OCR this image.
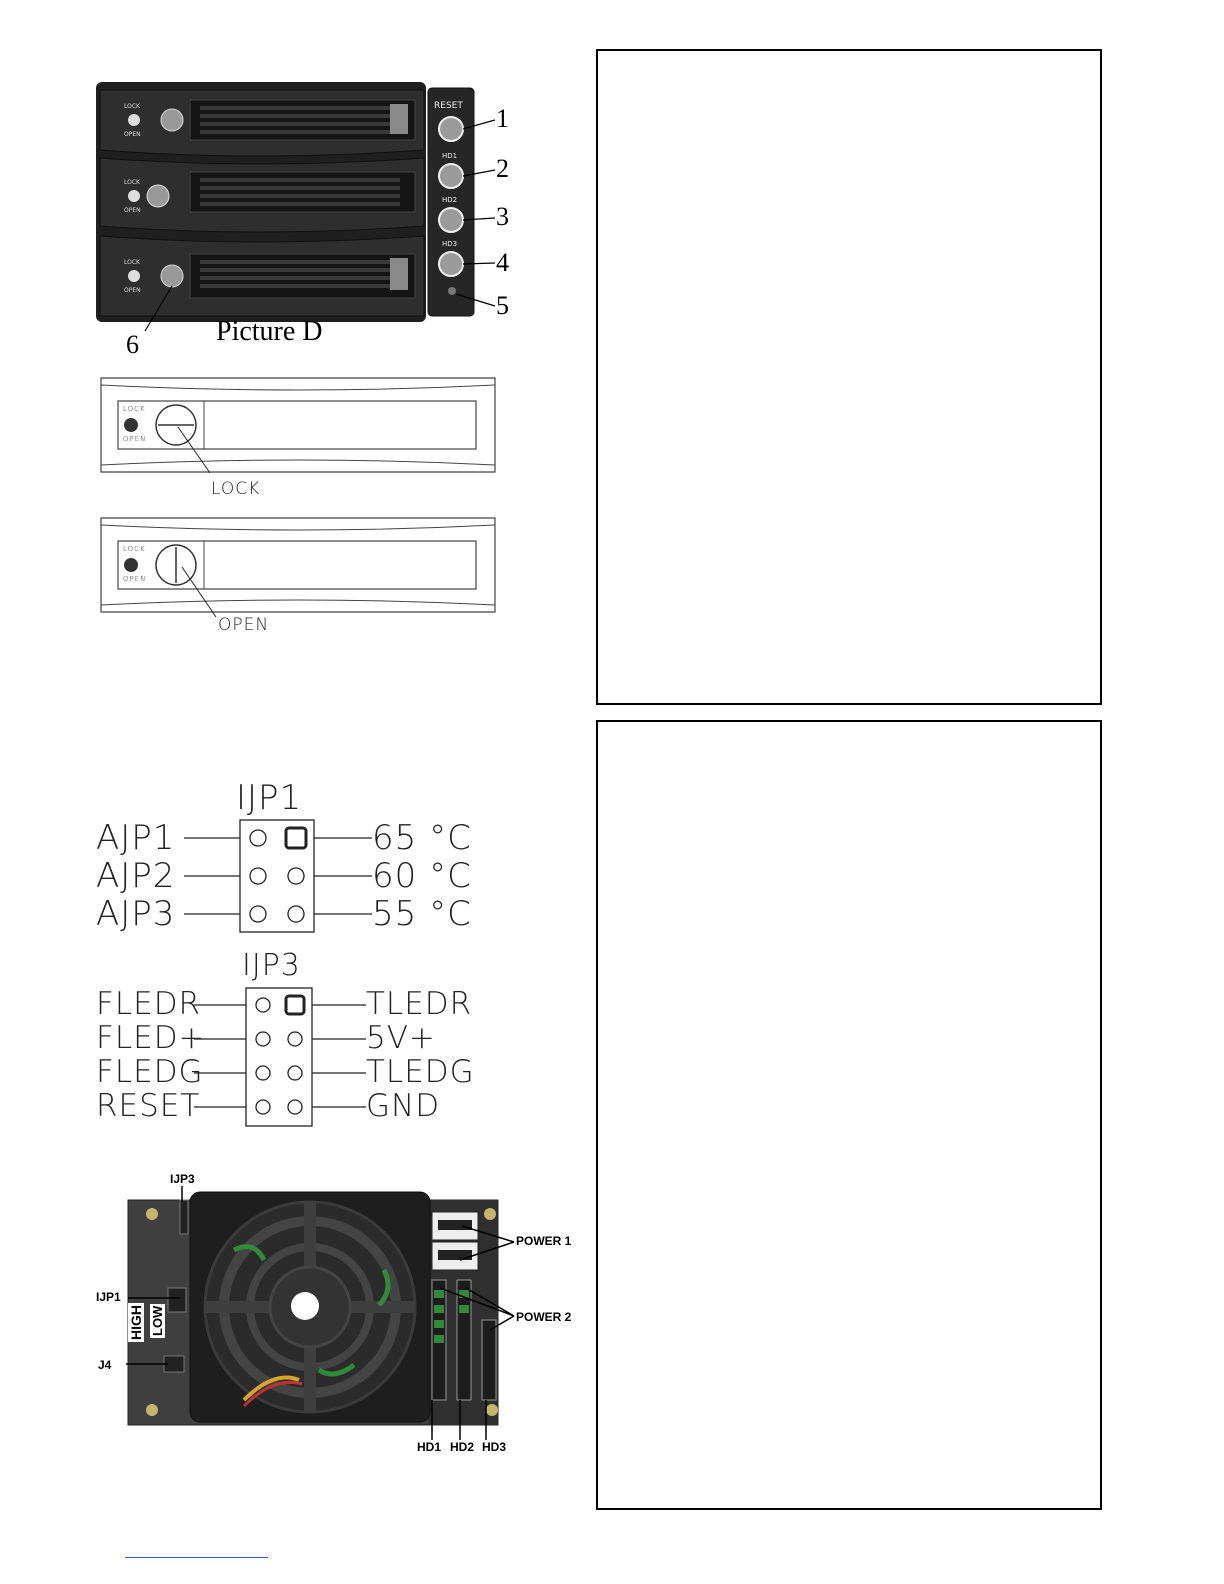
LOCK
OPEN
LOCK
OPEN
LOCK
OPEN
RESET
HD1
HD2
HD3
1
2
3
4
5
6	Picture D
LOCK
OPEN
LOCK
LOCK
OPEN
OPEN
IJP1
AJP1
AJP2
AJP3
65 °C
60 °C
55 °C
IJP3
FLEDR
FLED+
FLEDG
RESET
TLEDR
5V+
TLEDG
GND
IJP3
IJP1
J4
HIGH LOW
POWER 1
POWER 2
HD1 HD2 HD3
